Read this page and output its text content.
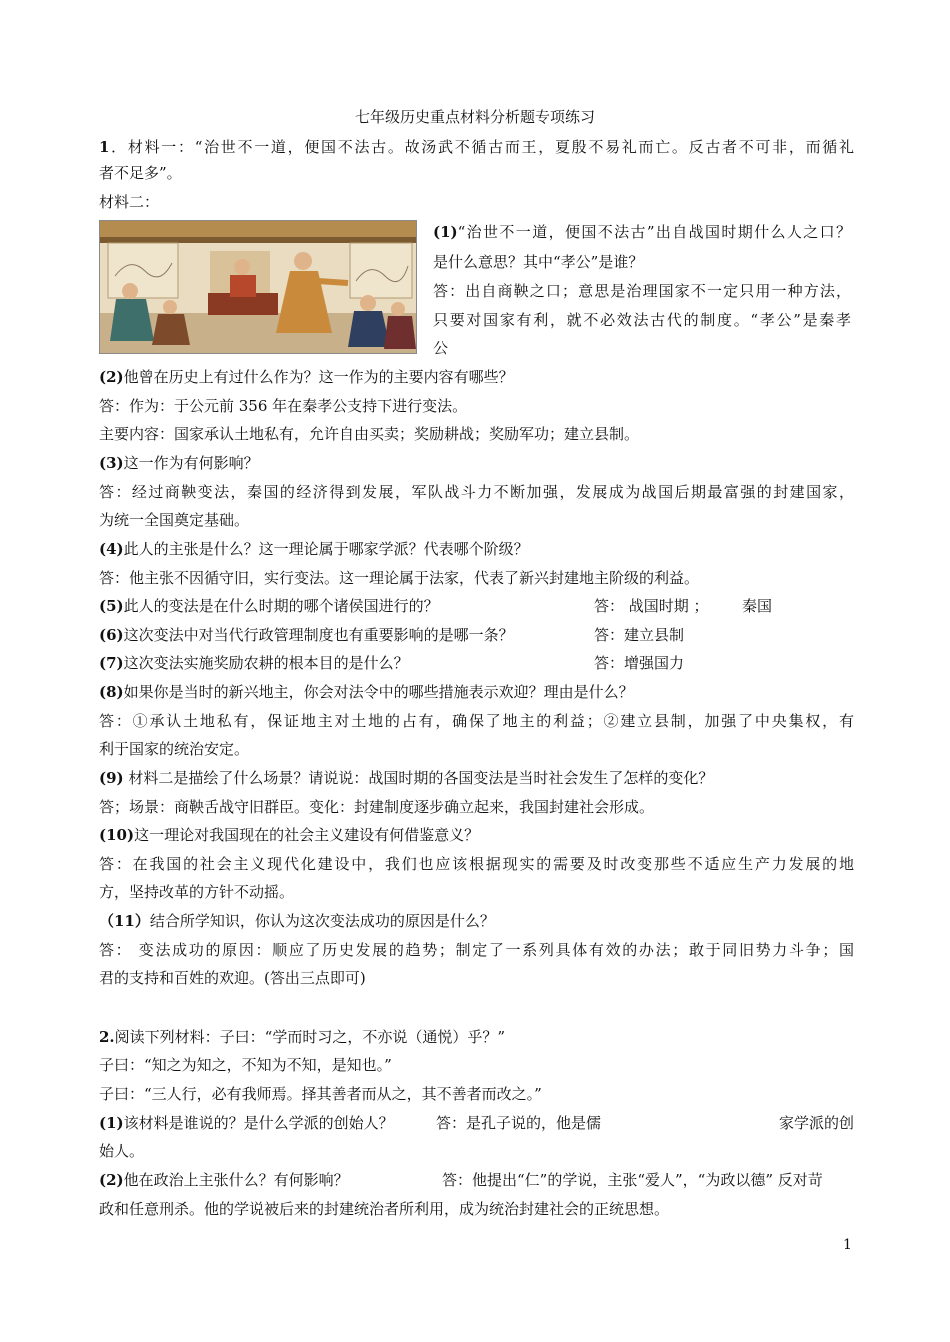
七年级历史重点材料分析题专项练习
1．材料一：“治世不一道，便国不法古。故汤武不循古而王，夏殷不易礼而亡。反古者不可非，而循礼
者不足多”。
材料二：
(1)“治世不一道，便国不法古”出自战国时期什么人之口？
是什么意思？其中“孝公”是谁？
答：出自商鞅之口；意思是治理国家不一定只用一种方法，
只要对国家有利，就不必效法古代的制度。“孝公”是秦孝
公
(2)他曾在历史上有过什么作为？这一作为的主要内容有哪些？
答：作为：于公元前 356 年在秦孝公支持下进行变法。
主要内容：国家承认土地私有，允许自由买卖；奖励耕战；奖励军功；建立县制。
(3)这一作为有何影响？
答：经过商鞅变法，秦国的经济得到发展，军队战斗力不断加强，发展成为战国后期最富强的封建国家，
为统一全国奠定基础。
(4)此人的主张是什么？这一理论属于哪家学派？代表哪个阶级？
答：他主张不因循守旧，实行变法。这一理论属于法家，代表了新兴封建地主阶级的利益。
(5)此人的变法是在什么时期的哪个诸侯国进行的？	答： 战国时期 ； 秦国
(6)这次变法中对当代行政管理制度也有重要影响的是哪一条？	答：建立县制
(7)这次变法实施奖励农耕的根本目的是什么？	答：增强国力
(8)如果你是当时的新兴地主，你会对法令中的哪些措施表示欢迎？理由是什么？
答：①承认土地私有，保证地主对土地的占有，确保了地主的利益；②建立县制，加强了中央集权，有
利于国家的统治安定。
(9) 材料二是描绘了什么场景？请说说：战国时期的各国变法是当时社会发生了怎样的变化？
答；场景：商鞅舌战守旧群臣。变化：封建制度逐步确立起来，我国封建社会形成。
(10)这一理论对我国现在的社会主义建设有何借鉴意义？
答：在我国的社会主义现代化建设中，我们也应该根据现实的需要及时改变那些不适应生产力发展的地
方，坚持改革的方针不动摇。
（11）结合所学知识，你认为这次变法成功的原因是什么？
答： 变法成功的原因：顺应了历史发展的趋势；制定了一系列具体有效的办法；敢于同旧势力斗争；国
君的支持和百姓的欢迎。(答出三点即可)
2.阅读下列材料：子曰：“学而时习之，不亦说（通悦）乎？”
子曰：“知之为知之，不知为不知，是知也。”
子曰：“三人行，必有我师焉。择其善者而从之，其不善者而改之。”
(1)该材料是谁说的？是什么学派的创始人？	答：是孔子说的，他是儒	家学派的创
始人。
(2)他在政治上主张什么？有何影响？	答：他提出“仁”的学说，主张“爱人”，“为政以德” 反对苛
政和任意刑杀。他的学说被后来的封建统治者所利用，成为统治封建社会的正统思想。
1
